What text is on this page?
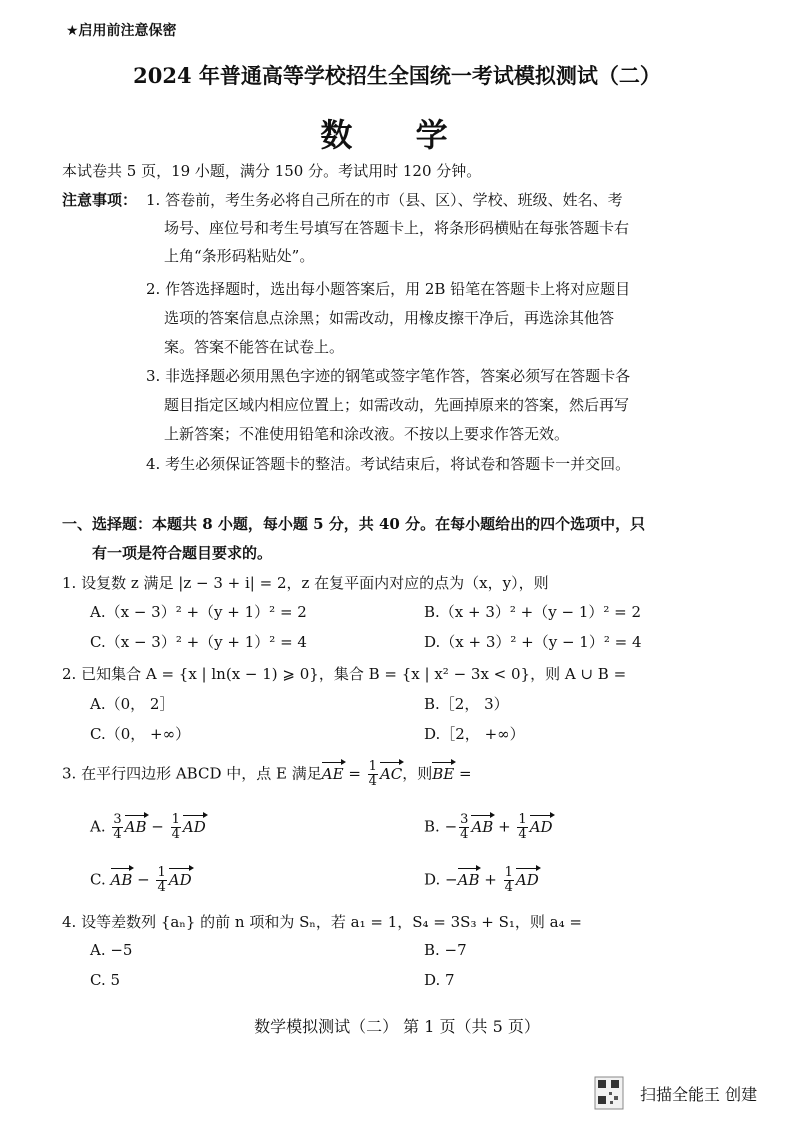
★启用前注意保密
2024 年普通高等学校招生全国统一考试模拟测试（二）
数 学
本试卷共 5 页，19 小题，满分 150 分。考试用时 120 分钟。
注意事项： 1. 答卷前，考生务必将自己所在的市（县、区）、学校、班级、姓名、考
场号、座位号和考生号填写在答题卡上，将条形码横贴在每张答题卡右
上角“条形码粘贴处”。
2. 作答选择题时，选出每小题答案后，用 2B 铅笔在答题卡上将对应题目
选项的答案信息点涂黑；如需改动，用橡皮擦干净后，再选涂其他答
案。答案不能答在试卷上。
3. 非选择题必须用黑色字迹的钢笔或签字笔作答，答案必须写在答题卡各
题目指定区域内相应位置上；如需改动，先画掉原来的答案，然后再写
上新答案；不准使用铅笔和涂改液。不按以上要求作答无效。
4. 考生必须保证答题卡的整洁。考试结束后，将试卷和答题卡一并交回。
一、选择题：本题共 8 小题，每小题 5 分，共 40 分。在每小题给出的四个选项中，只
有一项是符合题目要求的。
1. 设复数 z 满足 |z − 3 + i| = 2，z 在复平面内对应的点为（x，y），则
A.（x − 3）² +（y + 1）² = 2	B.（x + 3）² +（y − 1）² = 2
C.（x − 3）² +（y + 1）² = 4	D.（x + 3）² +（y − 1）² = 4
2. 已知集合 A = {x | ln(x − 1) ⩾ 0}，集合 B = {x | x² − 3x < 0}，则 A ∪ B =
A.（0， 2］	B.［2， 3）
C.（0， +∞）	D.［2， +∞）
3. 在平行四边形 ABCD 中，点 E 满足AE = $\frac{1}{4}$ AC，则BE =
A. $\frac{3}{4}$ AB − $\frac{1}{4}$ AD	B. − $\frac{3}{4}$ AB + $\frac{1}{4}$ AD
C. AB − $\frac{1}{4}$ AD	D. $-AB + \frac{1}{4}$ AD
4. 设等差数列 {aₙ} 的前 n 项和为 Sₙ，若 a₁ = 1，S₄ = 3S₃ + S₁，则 a₄ =
A. −5	B. −7
C. 5	D. 7
数学模拟测试（二） 第 1 页（共 5 页）
扫描全能王 创建
